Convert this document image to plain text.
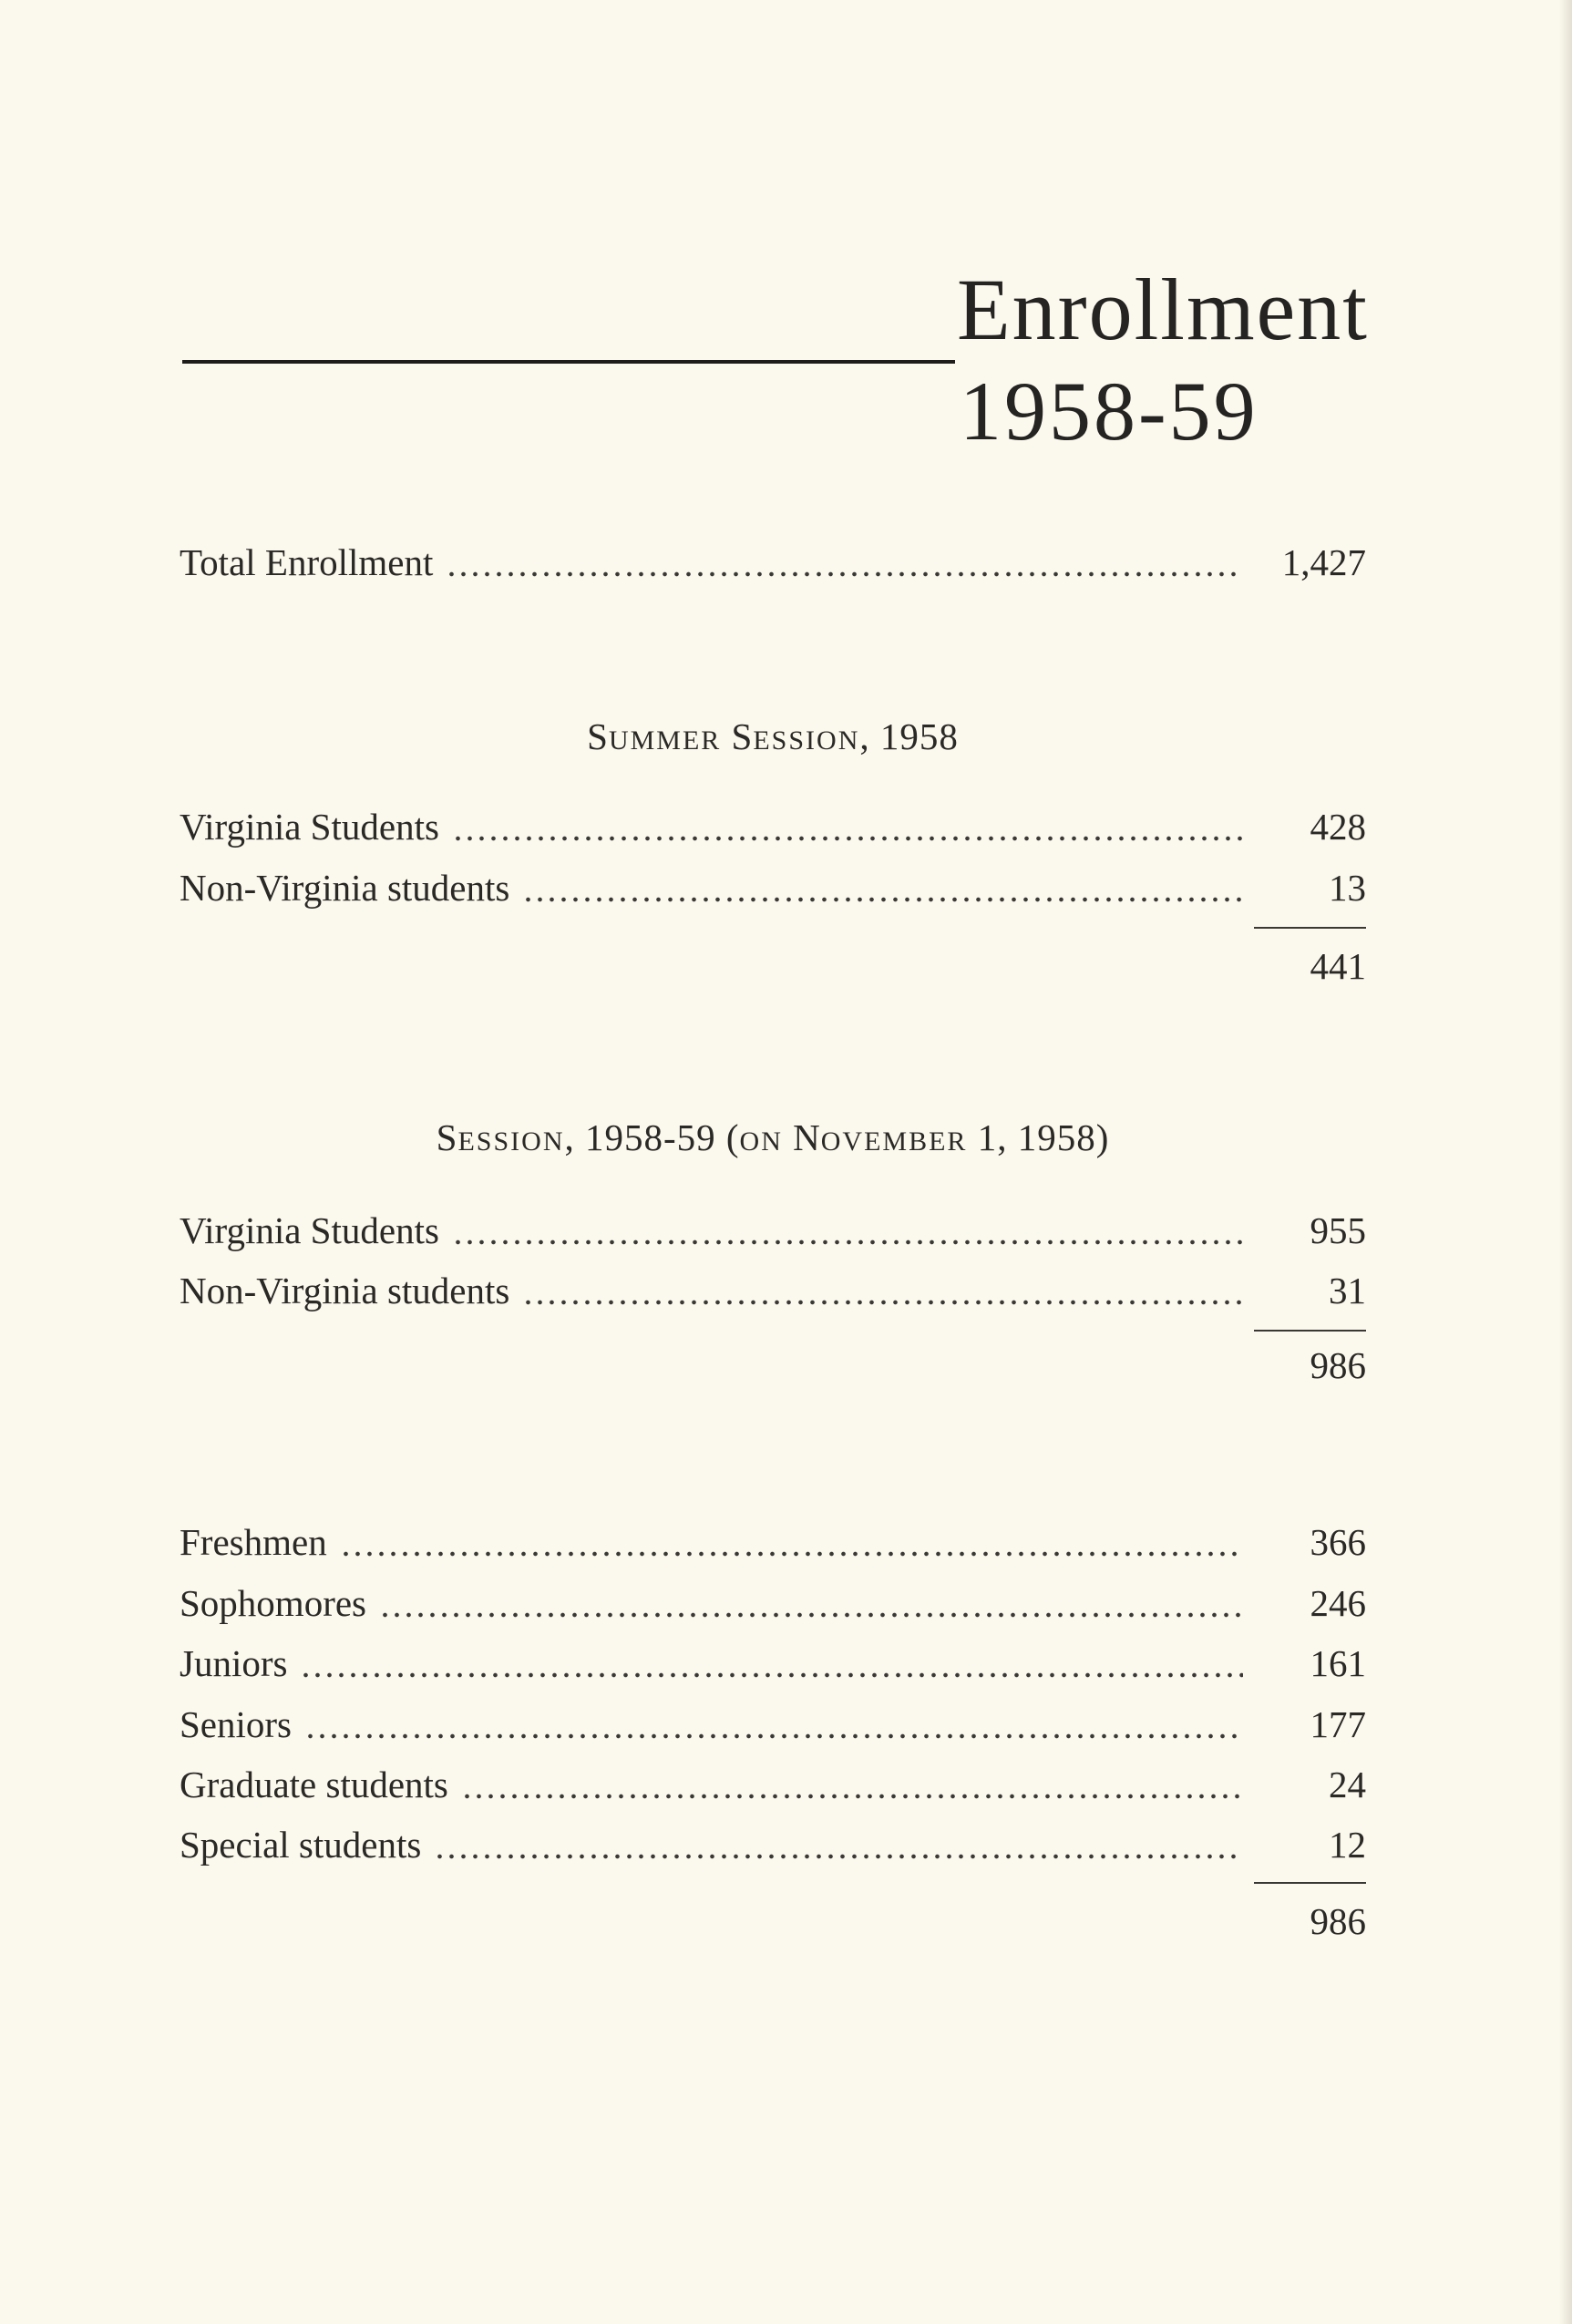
Enrollment
1958-59
Total Enrollment	1,427
SUMMER SESSION, 1958
Virginia Students	428
Non-Virginia students	13
441
SESSION, 1958-59 (ON NOVEMBER 1, 1958)
Virginia Students	955
Non-Virginia students	31
986
Freshmen	366
Sophomores	246
Juniors	161
Seniors	177
Graduate students	24
Special students	12
986
